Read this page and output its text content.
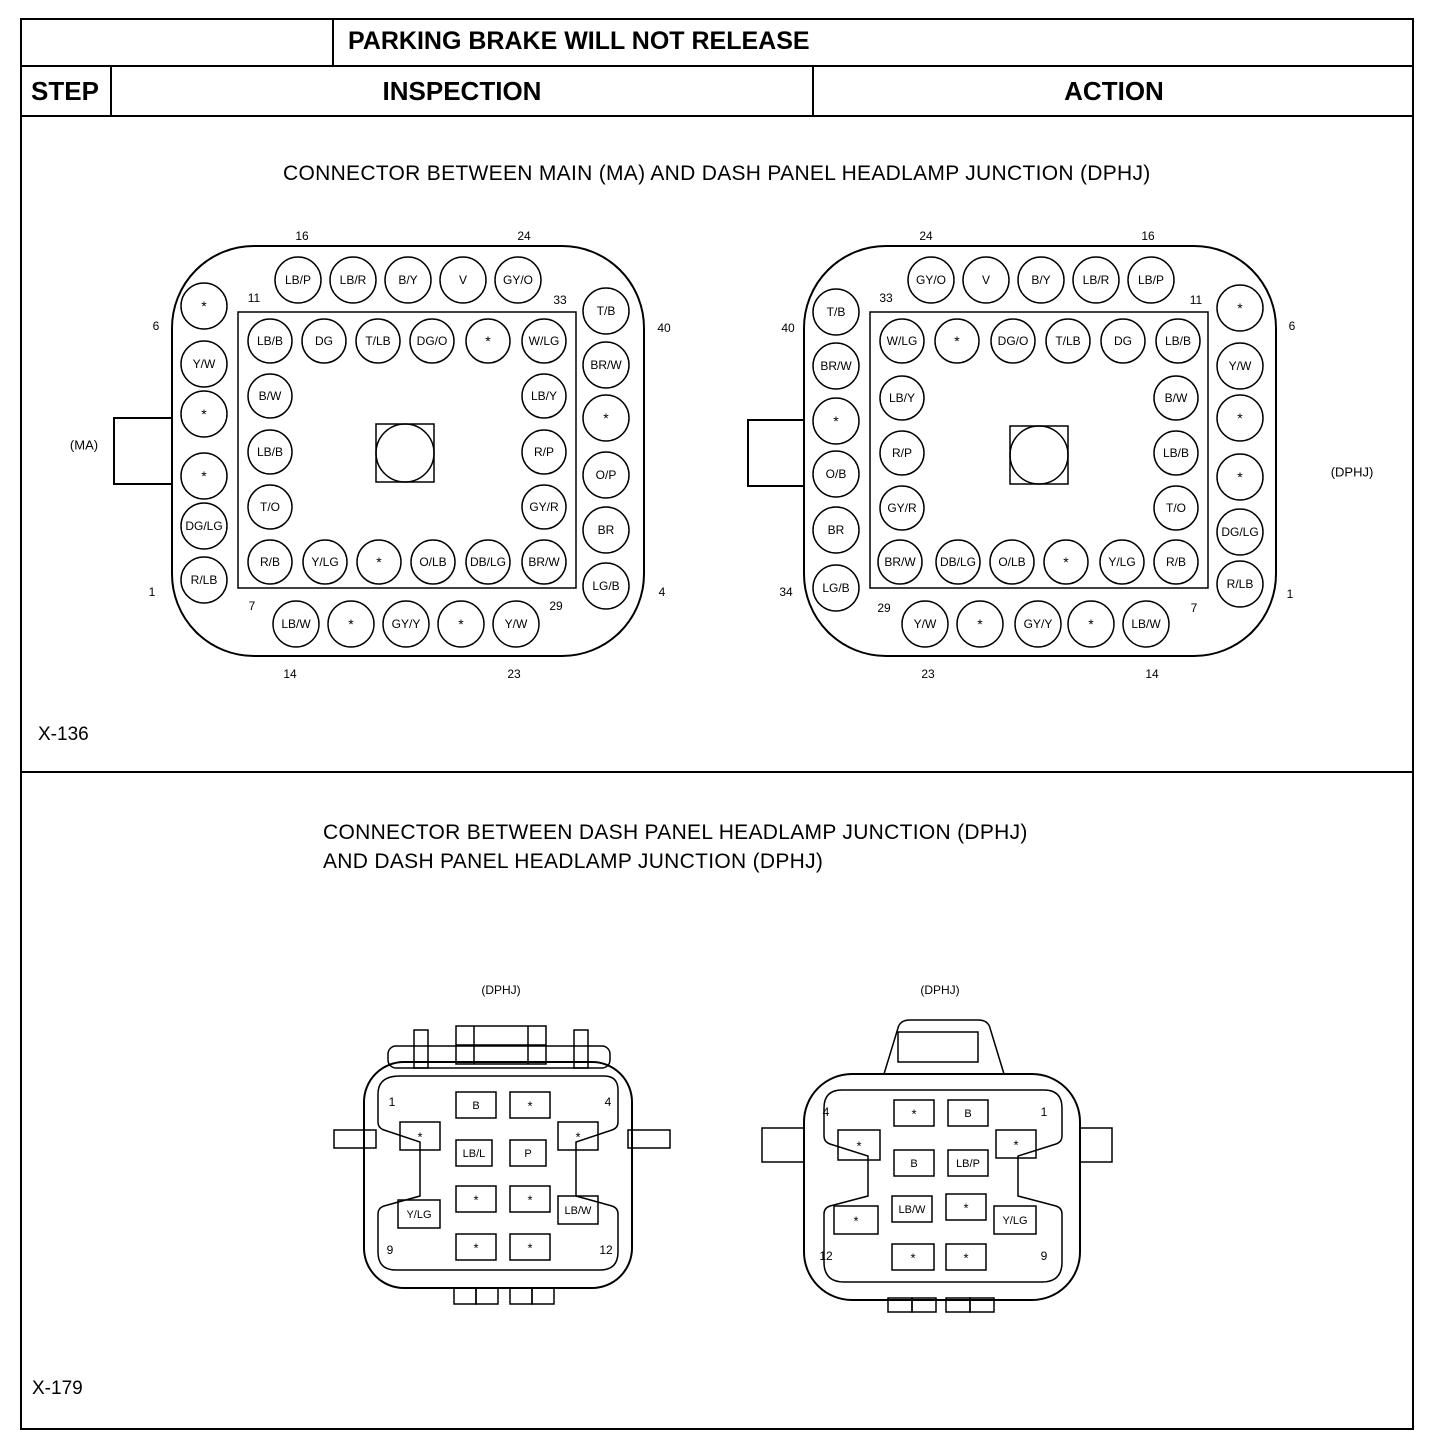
PARKING BRAKE WILL NOT RELEASE
STEP	INSPECTION	ACTION
CONNECTOR BETWEEN MAIN (MA) AND DASH PANEL HEADLAMP JUNCTION (DPHJ)
X-136
CONNECTOR BETWEEN DASH PANEL HEADLAMP JUNCTION (DPHJ)
AND DASH PANEL HEADLAMP JUNCTION (DPHJ)
X-179
LB/P LB/R	B/Y	V	GY/O
LB/W	*	GY/Y	*	Y/W
*
Y/W
*
*
DG/LG
R/LB
T/B
BR/W
*
O/P
BR
LG/B
LB/B	DG	T/LB DG/O	*	W/LG
R/B	Y/LG	*	O/LB DB/LG BR/W
B/W
LB/B
T/O
LB/Y
R/P
GY/R
16	24
6
11	33
40
1
7	29
4
14	23
(MA)
GY/O	V	B/Y	LB/R LB/P
Y/W	*	GY/Y	*	LB/W
T/B
BR/W
*
O/B
BR
LG/B
*
Y/W
*
*
DG/LG
R/LB
W/LG	*	DG/O T/LB	DG	LB/B
BR/W DB/LG O/LB	*	Y/LG	R/B
LB/Y
R/P
GY/R
B/W
LB/B
T/O
24	16
40
33	11
6
34
29	7
1
23	14
(DPHJ)
(DPHJ)
B	*
*	*
LB/L	P
Y/LG	LB/W
*	*
*	*
1	4
9	12
(DPHJ)
*	B
*	*
B	LB/P
*
LB/W	*
Y/LG
*	*
4	1
12	9
